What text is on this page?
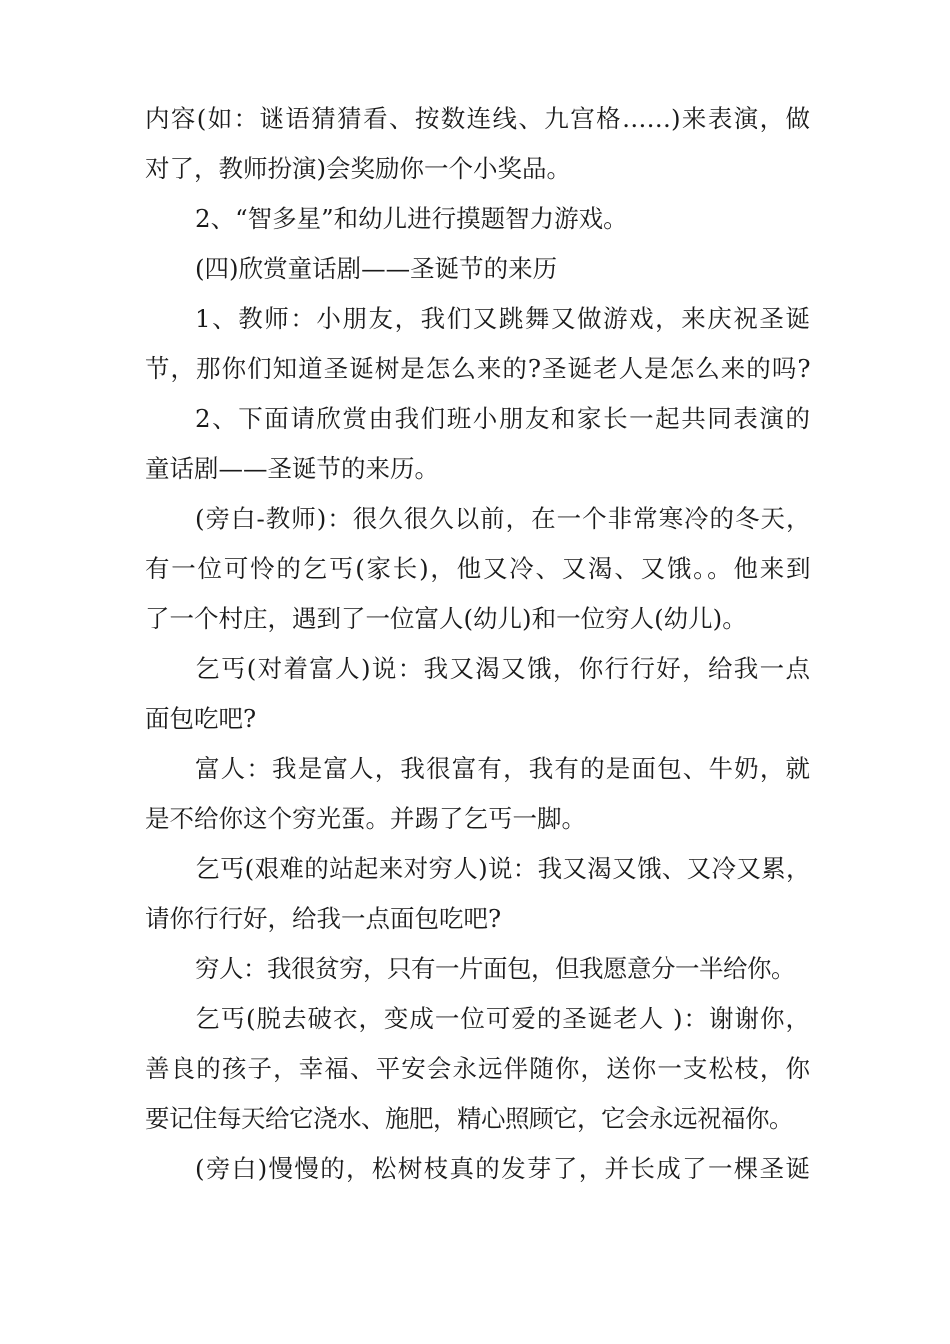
内容(如：谜语猜猜看、按数连线、九宫格……)来表演，做
对了，教师扮演)会奖励你一个小奖品。
2、“智多星”和幼儿进行摸题智力游戏。
(四)欣赏童话剧——圣诞节的来历
1、教师：小朋友，我们又跳舞又做游戏，来庆祝圣诞
节，那你们知道圣诞树是怎么来的?圣诞老人是怎么来的吗?
2、下面请欣赏由我们班小朋友和家长一起共同表演的
童话剧——圣诞节的来历。
(旁白-教师)：很久很久以前，在一个非常寒冷的冬天，
有一位可怜的乞丐(家长)，他又冷、又渴、又饿。。他来到
了一个村庄，遇到了一位富人(幼儿)和一位穷人(幼儿)。
乞丐(对着富人)说：我又渴又饿，你行行好，给我一点
面包吃吧?
富人：我是富人，我很富有，我有的是面包、牛奶，就
是不给你这个穷光蛋。并踢了乞丐一脚。
乞丐(艰难的站起来对穷人)说：我又渴又饿、又冷又累，
请你行行好，给我一点面包吃吧?
穷人：我很贫穷，只有一片面包，但我愿意分一半给你。
乞丐(脱去破衣，变成一位可爱的圣诞老人 )：谢谢你，
善良的孩子，幸福、平安会永远伴随你，送你一支松枝，你
要记住每天给它浇水、施肥，精心照顾它，它会永远祝福你。
(旁白)慢慢的，松树枝真的发芽了，并长成了一棵圣诞
